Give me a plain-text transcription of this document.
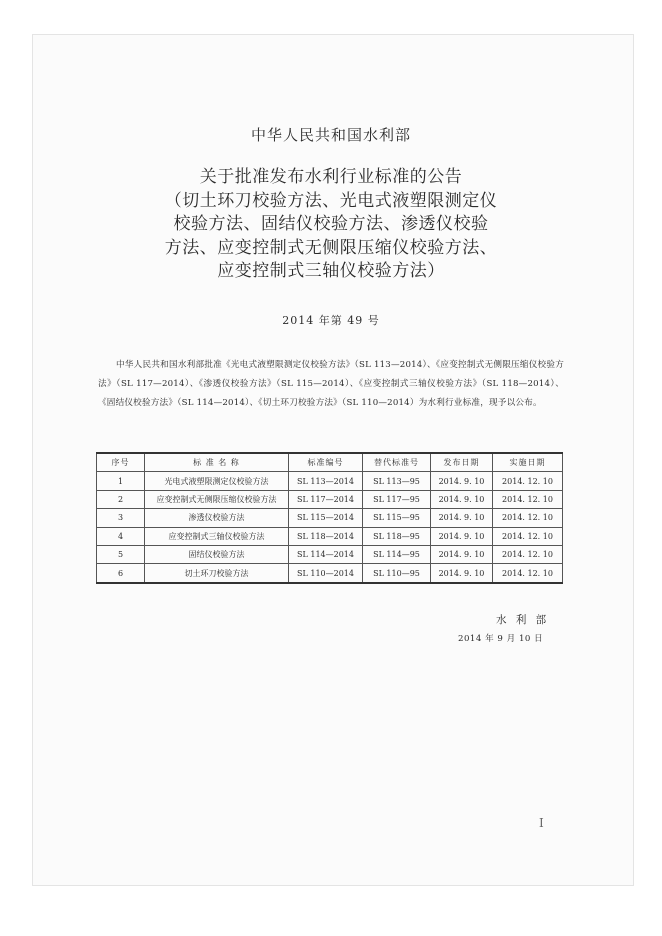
中华人民共和国水利部
关于批准发布水利行业标准的公告
（切土环刀校验方法、光电式液塑限测定仪
校验方法、固结仪校验方法、渗透仪校验
方法、应变控制式无侧限压缩仪校验方法、
应变控制式三轴仪校验方法）
2014 年第 49 号
中华人民共和国水利部批准《光电式液塑限测定仪校验方法》（SL 113—2014）、《应变控制式无侧限压缩仪校验方法》（SL 117—2014）、《渗透仪校验方法》（SL 115—2014）、《应变控制式三轴仪校验方法》（SL 118—2014）、《固结仪校验方法》（SL 114—2014）、《切土环刀校验方法》（SL 110—2014）为水利行业标准，现予以公布。
序号	标 准 名 称	标准编号	替代标准号	发布日期	实施日期
1	光电式液塑限测定仪校验方法	SL 113—2014	SL 113—95	2014. 9. 10	2014. 12. 10
2	应变控制式无侧限压缩仪校验方法	SL 117—2014	SL 117—95	2014. 9. 10	2014. 12. 10
3	渗透仪校验方法	SL 115—2014	SL 115—95	2014. 9. 10	2014. 12. 10
4	应变控制式三轴仪校验方法	SL 118—2014	SL 118—95	2014. 9. 10	2014. 12. 10
5	固结仪校验方法	SL 114—2014	SL 114—95	2014. 9. 10	2014. 12. 10
6	切土环刀校验方法	SL 110—2014	SL 110—95	2014. 9. 10	2014. 12. 10
水 利 部
2014 年 9 月 10 日
I
